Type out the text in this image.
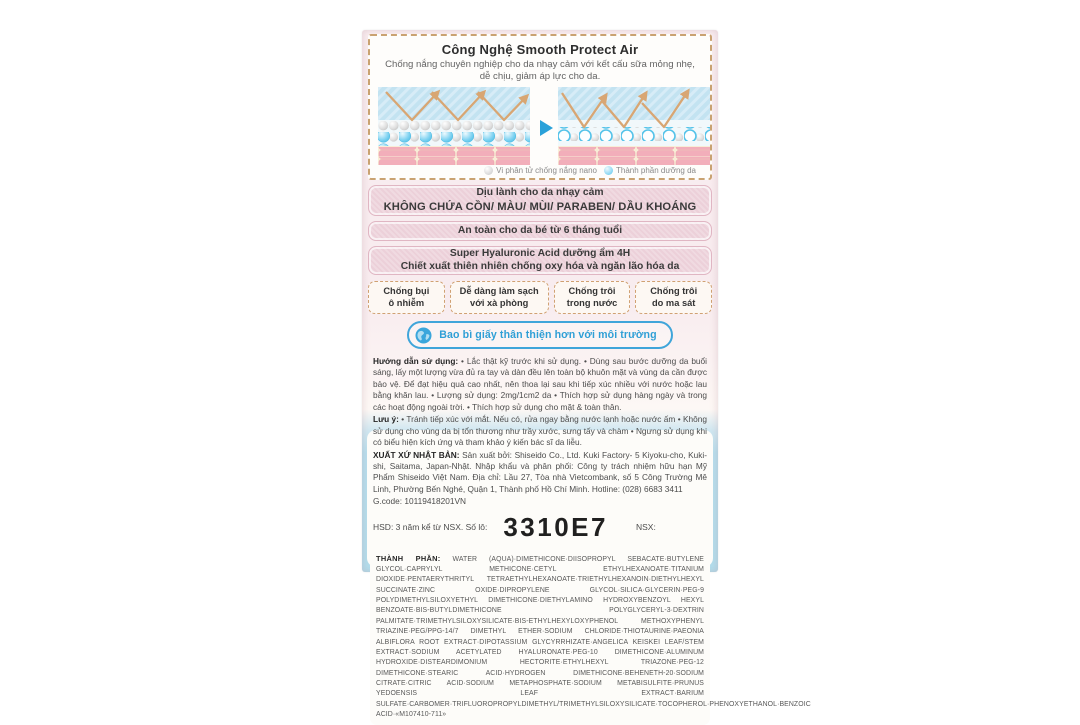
Công Nghệ Smooth Protect Air
Chống nắng chuyên nghiệp cho da nhạy cảm với kết cấu sữa mỏng nhẹ, dễ chịu, giảm áp lực cho da.
Vi phân tử chống nắng nano Thành phần dưỡng da
Dịu lành cho da nhạy cảm
KHÔNG CHỨA CỒN/ MÀU/ MÙI/ PARABEN/ DẦU KHOÁNG
An toàn cho da bé từ 6 tháng tuổi
Super Hyaluronic Acid dưỡng ẩm 4H
Chiết xuất thiên nhiên chống oxy hóa và ngăn lão hóa da
Chống bụi
ô nhiễm
Dễ dàng làm sạch
với xà phòng
Chống trôi
trong nước
Chống trôi
do ma sát
Bao bì giấy thân thiện hơn với môi trường

Hướng dẫn sử dụng: • Lắc thật kỹ trước khi sử dụng. • Dùng sau bước dưỡng da buổi sáng, lấy một lượng vừa đủ ra tay và dàn đều lên toàn bộ khuôn mặt và vùng da cần được bảo vệ. Để đạt hiệu quả cao nhất, nên thoa lại sau khi tiếp xúc nhiều với nước hoặc lau bằng khăn lau. • Lượng sử dụng: 2mg/1cm2 da • Thích hợp sử dụng hàng ngày và trong các hoạt động ngoài trời. • Thích hợp sử dụng cho mặt & toàn thân.

Lưu ý: • Tránh tiếp xúc với mắt. Nếu có, rửa ngay bằng nước lạnh hoặc nước ấm • Không sử dụng cho vùng da bị tổn thương như trầy xước, sưng tấy và chàm • Ngưng sử dụng khi có biểu hiện kích ứng và tham khảo ý kiến bác sĩ da liễu.

XUẤT XỨ NHẬT BẢN: Sản xuất bởi: Shiseido Co., Ltd. Kuki Factory- 5 Kiyoku-cho, Kuki-shi, Saitama, Japan-Nhật. Nhập khẩu và phân phối: Công ty trách nhiệm hữu hạn Mỹ Phẩm Shiseido Việt Nam. Địa chỉ: Lầu 27, Tòa nhà Vietcombank, số 5 Công Trường Mê Linh, Phường Bến Nghé, Quận 1, Thành phố Hồ Chí Minh. Hotline: (028) 6683 3411

G.code: 10119418201VN

HSD: 3 năm kể từ NSX. Số lô: 3310E7	NSX:
THÀNH PHẦN: WATER (AQUA)·DIMETHICONE·DIISOPROPYL SEBACATE·BUTYLENE GLYCOL·CAPRYLYL METHICONE·CETYL ETHYLHEXANOATE·TITANIUM DIOXIDE·PENTAERYTHRITYL TETRAETHYLHEXANOATE·TRIETHYLHEXANOIN·DIETHYLHEXYL SUCCINATE·ZINC OXIDE·DIPROPYLENE GLYCOL·SILICA·GLYCERIN·PEG-9 POLYDIMETHYLSILOXYETHYL DIMETHICONE·DIETHYLAMINO HYDROXYBENZOYL HEXYL BENZOATE·BIS-BUTYLDIMETHICONE POLYGLYCERYL-3·DEXTRIN PALMITATE·TRIMETHYLSILOXYSILICATE·BIS-ETHYLHEXYLOXYPHENOL METHOXYPHENYL TRIAZINE·PEG/PPG-14/7 DIMETHYL ETHER·SODIUM CHLORIDE·THIOTAURINE·PAEONIA ALBIFLORA ROOT EXTRACT·DIPOTASSIUM GLYCYRRHIZATE·ANGELICA KEISKEI LEAF/STEM EXTRACT·SODIUM ACETYLATED HYALURONATE·PEG-10 DIMETHICONE·ALUMINUM HYDROXIDE·DISTEARDIMONIUM HECTORITE·ETHYLHEXYL TRIAZONE·PEG-12 DIMETHICONE·STEARIC ACID·HYDROGEN DIMETHICONE·BEHENETH-20·SODIUM CITRATE·CITRIC ACID·SODIUM METAPHOSPHATE·SODIUM METABISULFITE·PRUNUS YEDOENSIS LEAF EXTRACT·BARIUM SULFATE·CARBOMER·TRIFLUOROPROPYLDIMETHYL/TRIMETHYLSILOXYSILICATE·TOCOPHEROL·PHENOXYETHANOL·BENZOIC ACID·«M107410-711»
